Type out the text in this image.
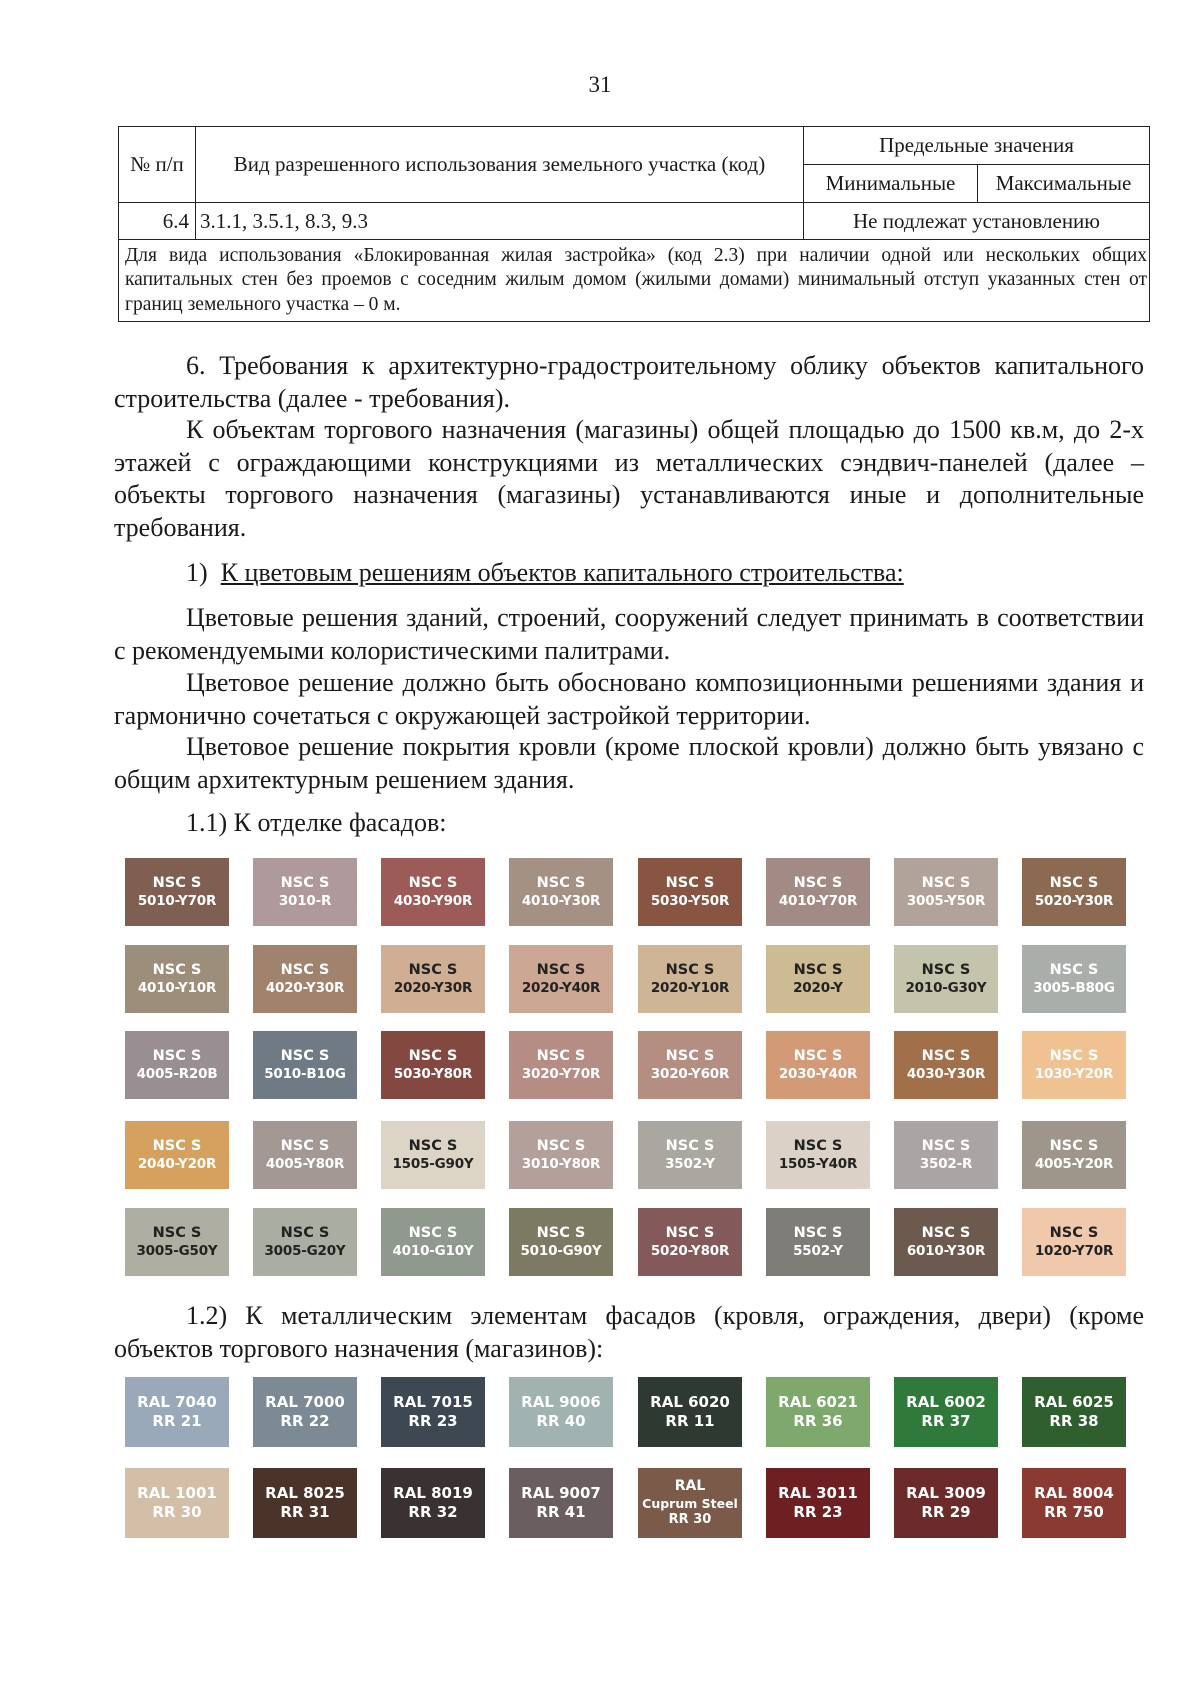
31
№ п/п	Вид разрешенного использования земельного участка (код)	Предельные значения	
		Минимальные	Максимальные
6.4	3.1.1, 3.5.1, 8.3, 9.3	Не подлежат установлению	
Для вида использования «Блокированная жилая застройка» (код 2.3) при наличии одной или нескольких общих капитальных стен без проемов с соседним жилым домом (жилыми домами) минимальный отступ указанных стен от границ земельного участка – 0 м.			
6. Требования к архитектурно-градостроительному облику объектов капитального строительства (далее - требования).
К объектам торгового назначения (магазины) общей площадью до 1500 кв.м, до 2-х этажей с ограждающими конструкциями из металлических сэндвич-панелей (далее – объекты торгового назначения (магазины) устанавливаются иные и дополнительные требования.
1) К цветовым решениям объектов капитального строительства:
Цветовые решения зданий, строений, сооружений следует принимать в соответствии с рекомендуемыми колористическими палитрами.
Цветовое решение должно быть обосновано композиционными решениями здания и гармонично сочетаться с окружающей застройкой территории.
Цветовое решение покрытия кровли (кроме плоской кровли) должно быть увязано с общим архитектурным решением здания.
1.1) К отделке фасадов:
NSC S
5010-Y70R
NSC S
3010-R
NSC S
4030-Y90R
NSC S
4010-Y30R
NSC S
5030-Y50R
NSC S
4010-Y70R
NSC S
3005-Y50R
NSC S
5020-Y30R
NSC S
4010-Y10R
NSC S
4020-Y30R
NSC S
2020-Y30R
NSC S
2020-Y40R
NSC S
2020-Y10R
NSC S
2020-Y
NSC S
2010-G30Y
NSC S
3005-B80G
NSC S
4005-R20B
NSC S
5010-B10G
NSC S
5030-Y80R
NSC S
3020-Y70R
NSC S
3020-Y60R
NSC S
2030-Y40R
NSC S
4030-Y30R
NSC S
1030-Y20R
NSC S
2040-Y20R
NSC S
4005-Y80R
NSC S
1505-G90Y
NSC S
3010-Y80R
NSC S
3502-Y
NSC S
1505-Y40R
NSC S
3502-R
NSC S
4005-Y20R
NSC S
3005-G50Y
NSC S
3005-G20Y
NSC S
4010-G10Y
NSC S
5010-G90Y
NSC S
5020-Y80R
NSC S
5502-Y
NSC S
6010-Y30R
NSC S
1020-Y70R
1.2) К металлическим элементам фасадов (кровля, ограждения, двери) (кроме объектов торгового назначения (магазинов):
RAL 7040
RR 21
RAL 7000
RR 22
RAL 7015
RR 23
RAL 9006
RR 40
RAL 6020
RR 11
RAL 6021
RR 36
RAL 6002
RR 37
RAL 6025
RR 38
RAL 1001
RR 30
RAL 8025
RR 31
RAL 8019
RR 32
RAL 9007
RR 41
RAL
Cuprum Steel
RR 30
RAL 3011
RR 23
RAL 3009
RR 29
RAL 8004
RR 750
